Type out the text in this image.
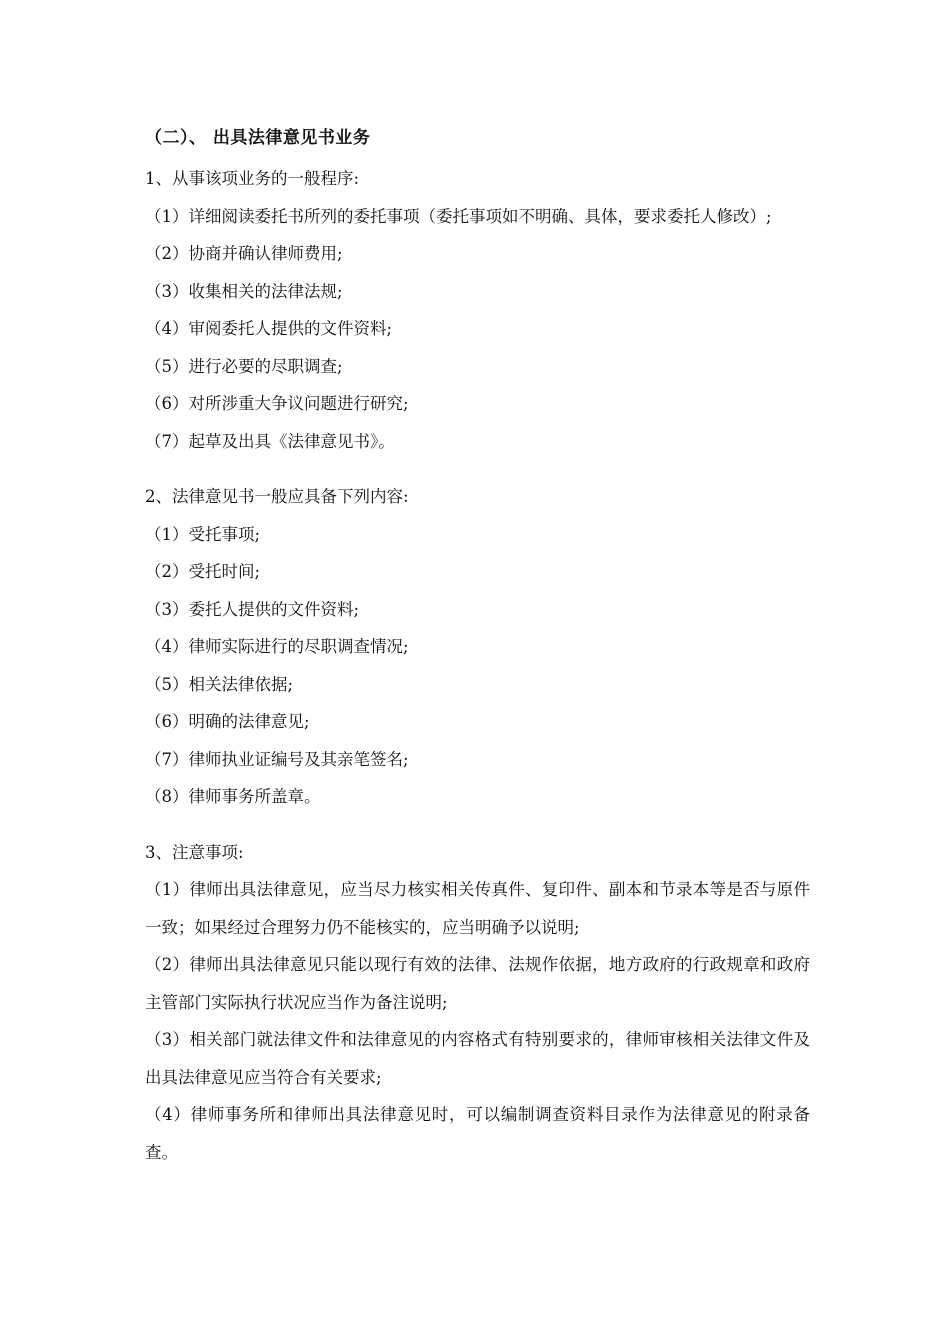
（二）、 出具法律意见书业务
1、从事该项业务的一般程序:
（1）详细阅读委托书所列的委托事项（委托事项如不明确、具体，要求委托人修改）;
（2）协商并确认律师费用;
（3）收集相关的法律法规;
（4）审阅委托人提供的文件资料;
（5）进行必要的尽职调查;
（6）对所涉重大争议问题进行研究;
（7）起草及出具《法律意见书》。
2、法律意见书一般应具备下列内容:
（1）受托事项;
（2）受托时间;
（3）委托人提供的文件资料;
（4）律师实际进行的尽职调查情况;
（5）相关法律依据;
（6）明确的法律意见;
（7）律师执业证编号及其亲笔签名;
（8）律师事务所盖章。
3、注意事项:
（1）律师出具法律意见，应当尽力核实相关传真件、复印件、副本和节录本等是否与原件一致；如果经过合理努力仍不能核实的，应当明确予以说明;
（2）律师出具法律意见只能以现行有效的法律、法规作依据，地方政府的行政规章和政府主管部门实际执行状况应当作为备注说明;
（3）相关部门就法律文件和法律意见的内容格式有特别要求的，律师审核相关法律文件及出具法律意见应当符合有关要求;
（4）律师事务所和律师出具法律意见时，可以编制调查资料目录作为法律意见的附录备查。
